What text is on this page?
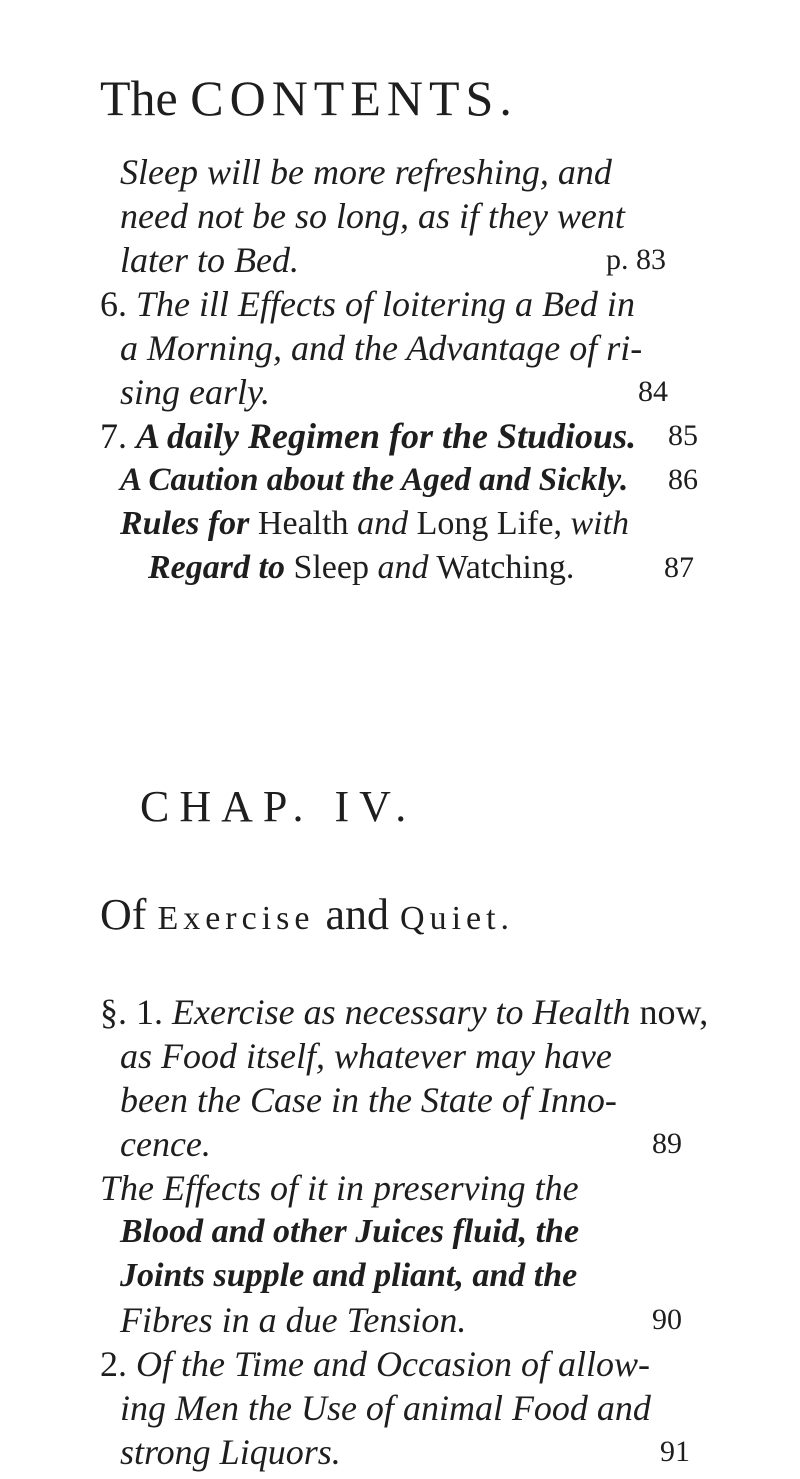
The CONTENTS.
Sleep will be more refreshing, and
need not be so long, as if they went
later to Bed.	p. 83
6. The ill Effects of loitering a Bed in
a Morning, and the Advantage of ri-
sing early.	84
7. A daily Regimen for the Studious. 85
A Caution about the Aged and Sickly. 86
Rules for Health and Long Life, with
Regard to Sleep and Watching.	87
CHAP. IV.
Of Exercise and Quiet.
§. 1. Exercise as necessary to Health now,
as Food itself, whatever may have
been the Case in the State of Inno-
cence.	89
The Effects of it in preserving the
Blood and other Juices fluid, the
Joints supple and pliant, and the
Fibres in a due Tension.	90
2. Of the Time and Occasion of allow-
ing Men the Use of animal Food and
strong Liquors.	91
